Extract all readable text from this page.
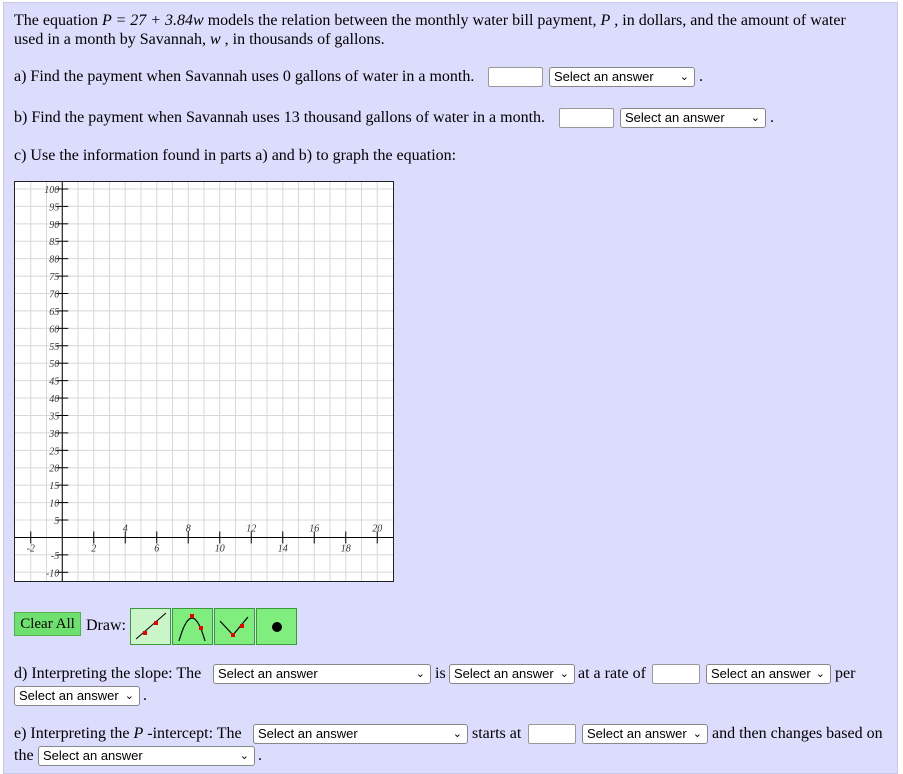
The equation P = 27 + 3.84w models the relation between the monthly water bill payment, P , in dollars, and the amount of water
used in a month by Savannah, w , in thousands of gallons.
a) Find the payment when Savannah uses 0 gallons of water in a month.	Select an answer ⌄ .
b) Find the payment when Savannah uses 13 thousand gallons of water in a month.	Select an answer ⌄ .
c) Use the information found in parts a) and b) to graph the equation:
-2	2
4
6
8
10
12
14
16
18
20
100
95
90
85
80
75
70
65
60
55
50
45
40
35
30
25
20
15
10
5
-5
-10
Clear All Draw:
d) Interpreting the slope: The	Select an answer	⌄ is Select an answer ⌄ at a rate of	Select an answer ⌄ per
Select an answer ⌄ .
e) Interpreting the P -intercept: The	Select an answer	⌄ starts at	Select an answer ⌄ and then changes based on
the Select an answer	⌄ .
